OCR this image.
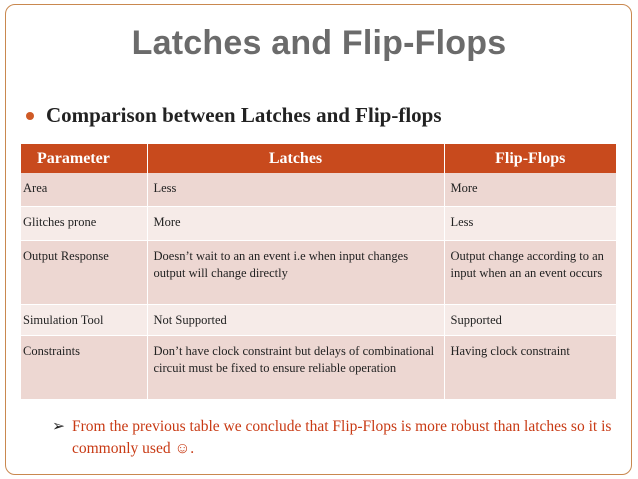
Latches and Flip-Flops
Comparison between Latches and Flip-flops
Parameter	Latches	Flip-Flops
Area	Less	More
Glitches prone	More	Less
Output Response	Doesn’t wait to an an event i.e when input changes output will change directly	Output change according to an input when an an event occurs
Simulation Tool	Not Supported	Supported
Constraints	Don’t have clock constraint but delays of combinational circuit must be fixed to ensure reliable operation	Having clock constraint
➢ From the previous table we conclude that Flip-Flops is more robust than latches so it is commonly used ☺.
